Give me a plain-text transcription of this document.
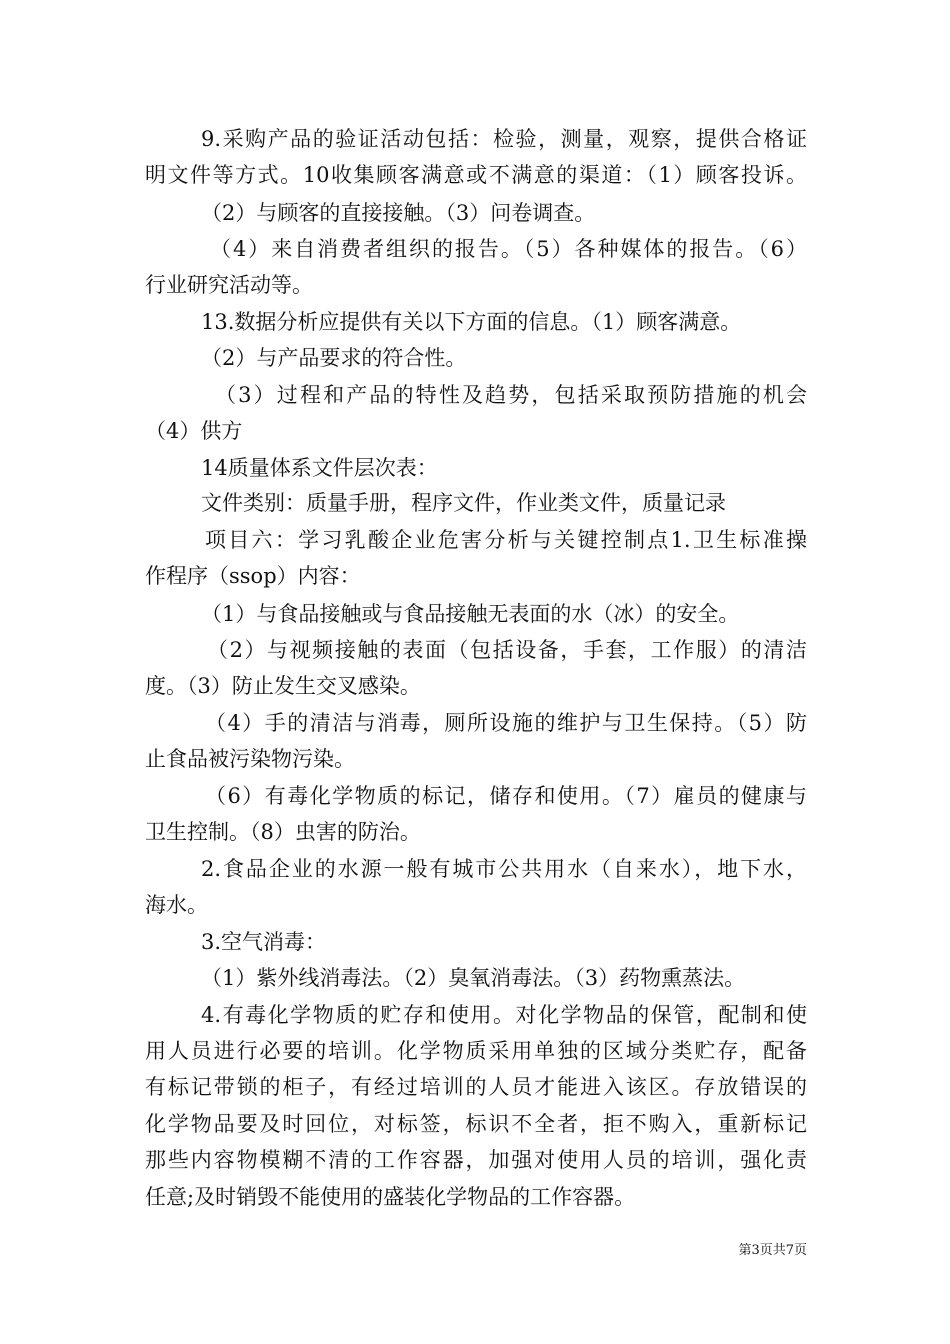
9.采购产品的验证活动包括：检验，测量，观察，提供合格证
明文件等方式。10收集顾客满意或不满意的渠道：（1）顾客投诉。
（2）与顾客的直接接触。（3）问卷调查。
（4）来自消费者组织的报告。（5）各种媒体的报告。（6）
行业研究活动等。
13.数据分析应提供有关以下方面的信息。（1）顾客满意。
（2）与产品要求的符合性。
（3）过程和产品的特性及趋势，包括采取预防措施的机会
（4）供方
14质量体系文件层次表：
文件类别：质量手册，程序文件，作业类文件，质量记录
项目六：学习乳酸企业危害分析与关键控制点1.卫生标准操
作程序（ssop）内容：
（1）与食品接触或与食品接触无表面的水（冰）的安全。
（2）与视频接触的表面（包括设备，手套，工作服）的清洁
度。（3）防止发生交叉感染。
（4）手的清洁与消毒，厕所设施的维护与卫生保持。（5）防
止食品被污染物污染。
（6）有毒化学物质的标记，储存和使用。（7）雇员的健康与
卫生控制。（8）虫害的防治。
2.食品企业的水源一般有城市公共用水（自来水），地下水，
海水。
3.空气消毒：
（1）紫外线消毒法。（2）臭氧消毒法。（3）药物熏蒸法。
4.有毒化学物质的贮存和使用。对化学物品的保管，配制和使
用人员进行必要的培训。化学物质采用单独的区域分类贮存，配备
有标记带锁的柜子，有经过培训的人员才能进入该区。存放错误的
化学物品要及时回位，对标签，标识不全者，拒不购入，重新标记
那些内容物模糊不清的工作容器，加强对使用人员的培训，强化责
任意;及时销毁不能使用的盛装化学物品的工作容器。
第3页共7页
